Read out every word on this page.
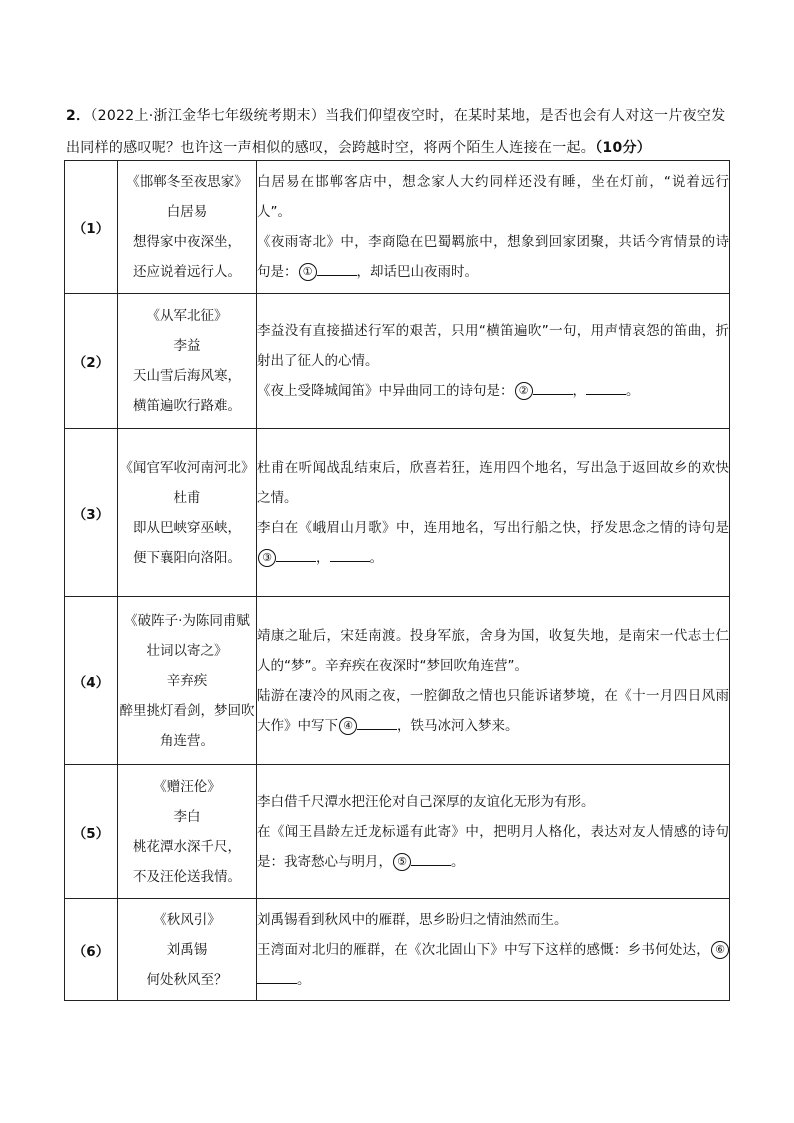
2．（2022上·浙江金华七年级统考期末）当我们仰望夜空时，在某时某地，是否也会有人对这一片夜空发出同样的感叹呢？也许这一声相似的感叹，会跨越时空，将两个陌生人连接在一起。（10分）
（1）	《邯郸冬至夜思家》
白居易
想得家中夜深坐，
还应说着远行人。	白居易在邯郸客店中，想念家人大约同样还没有睡，坐在灯前，“说着远行人”。
《夜雨寄北》中，李商隐在巴蜀羁旅中，想象到回家团聚，共话今宵情景的诗句是： ① ，却话巴山夜雨时。

（2）	《从军北征》
李益
天山雪后海风寒，
横笛遍吹行路难。	李益没有直接描述行军的艰苦，只用“横笛遍吹”一句，用声情哀怨的笛曲，折射出了征人的心情。
《夜上受降城闻笛》中异曲同工的诗句是： ② ， 。

（3）	《闻官军收河南河北》
杜甫
即从巴峡穿巫峡，
便下襄阳向洛阳。	杜甫在听闻战乱结束后，欣喜若狂，连用四个地名，写出急于返回故乡的欢快之情。
李白在《峨眉山月歌》中，连用地名，写出行船之快，抒发思念之情的诗句是③ ， 。

（4）	《破阵子·为陈同甫赋壮词以寄之》
辛弃疾
醉里挑灯看剑，梦回吹角连营。	靖康之耻后，宋廷南渡。投身军旅，舍身为国，收复失地，是南宋一代志士仁人的“梦”。辛弃疾在夜深时“梦回吹角连营”。
陆游在凄冷的风雨之夜，一腔御敌之情也只能诉诸梦境，在《十一月四日风雨大作》中写下 ④ ，铁马冰河入梦来。

（5）	《赠汪伦》
李白
桃花潭水深千尺，
不及汪伦送我情。	李白借千尺潭水把汪伦对自己深厚的友谊化无形为有形。
在《闻王昌龄左迁龙标遥有此寄》中，把明月人格化，表达对友人情感的诗句是：我寄愁心与明月， ⑤ 。

（6）	《秋风引》
刘禹锡
何处秋风至？	刘禹锡看到秋风中的雁群，思乡盼归之情油然而生。
王湾面对北归的雁群，在《次北固山下》中写下这样的感慨：乡书何处达， ⑥。
